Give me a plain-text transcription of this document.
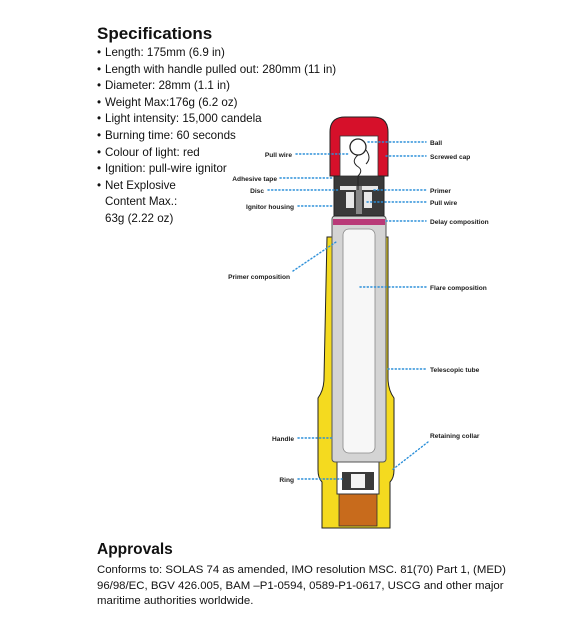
Specifications
• Length: 175mm (6.9 in)
• Length with handle pulled out: 280mm (11 in)
• Diameter: 28mm (1.1 in)
• Weight Max:176g (6.2 oz)
• Light intensity: 15,000 candela
• Burning time: 60 seconds
• Colour of light: red
• Ignition: pull-wire ignitor
• Net Explosive
Content Max.:
63g (2.22 oz)
Ball
Screwed cap
Pull wire
Adhesive tape
Disc	Primer
Pull wire
Ignitor housing
Delay composition
Primer composition
Flare composition
Telescopic tube
Handle	Retaining collar
Ring
Approvals

Conforms to: SOLAS 74 as amended, IMO resolution MSC. 81(70) Part 1, (MED) 96/98/EC, BGV 426.005, BAM –P1-0594, 0589-P1-0617, USCG and other major maritime authorities worldwide.
